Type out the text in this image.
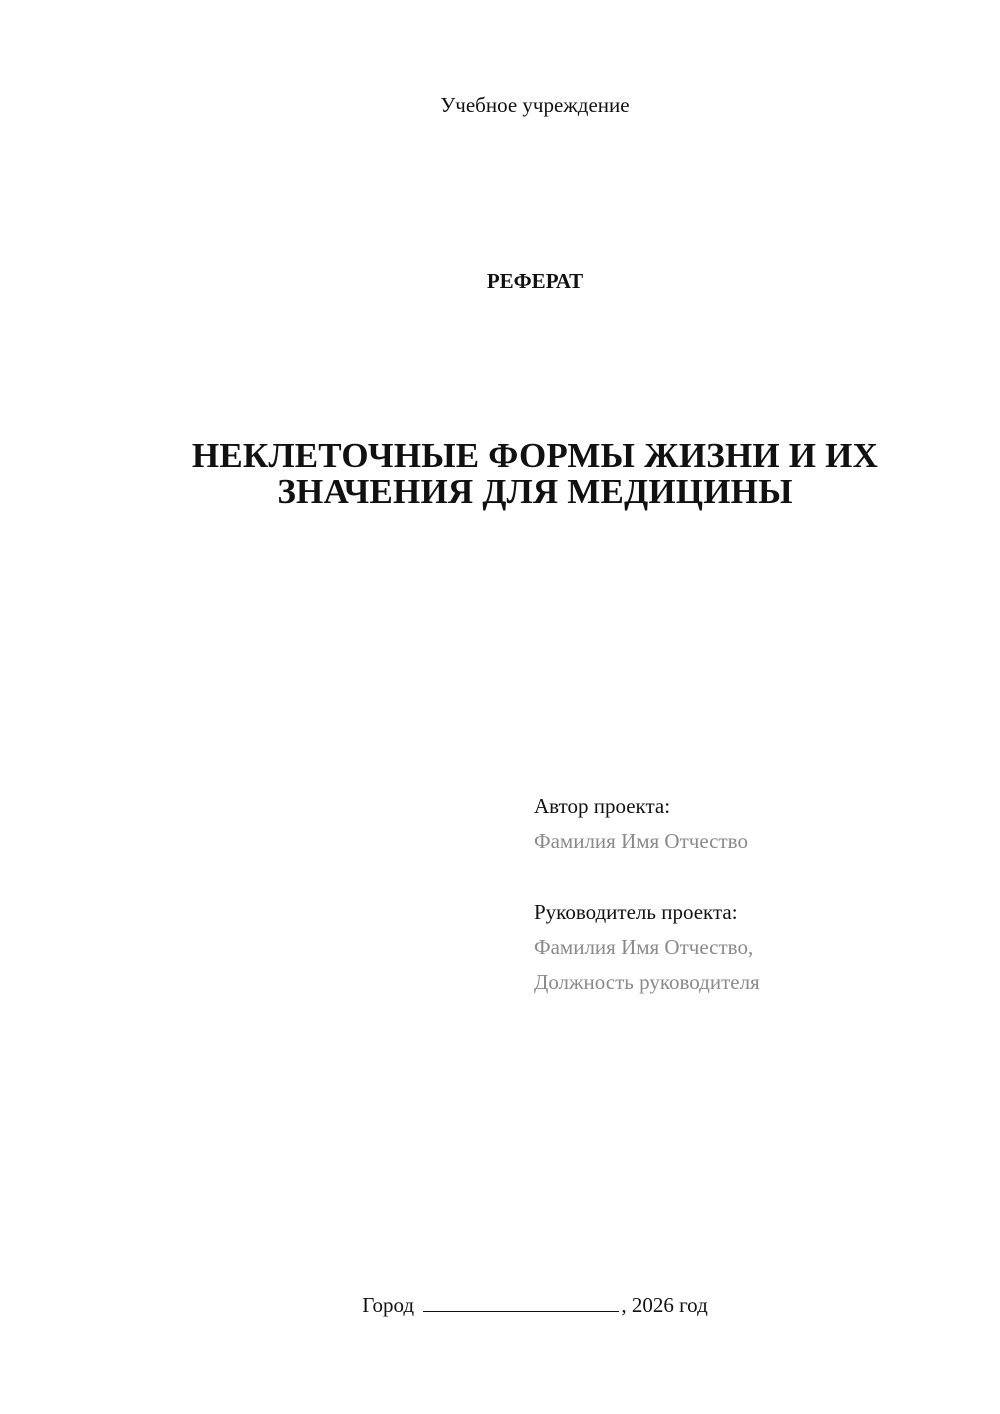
Учебное учреждение
РЕФЕРАТ
НЕКЛЕТОЧНЫЕ ФОРМЫ ЖИЗНИ И ИХ
ЗНАЧЕНИЯ ДЛЯ МЕДИЦИНЫ
Автор проекта:
Фамилия Имя Отчество
Руководитель проекта:
Фамилия Имя Отчество,
Должность руководителя
Город	, 2026 год
